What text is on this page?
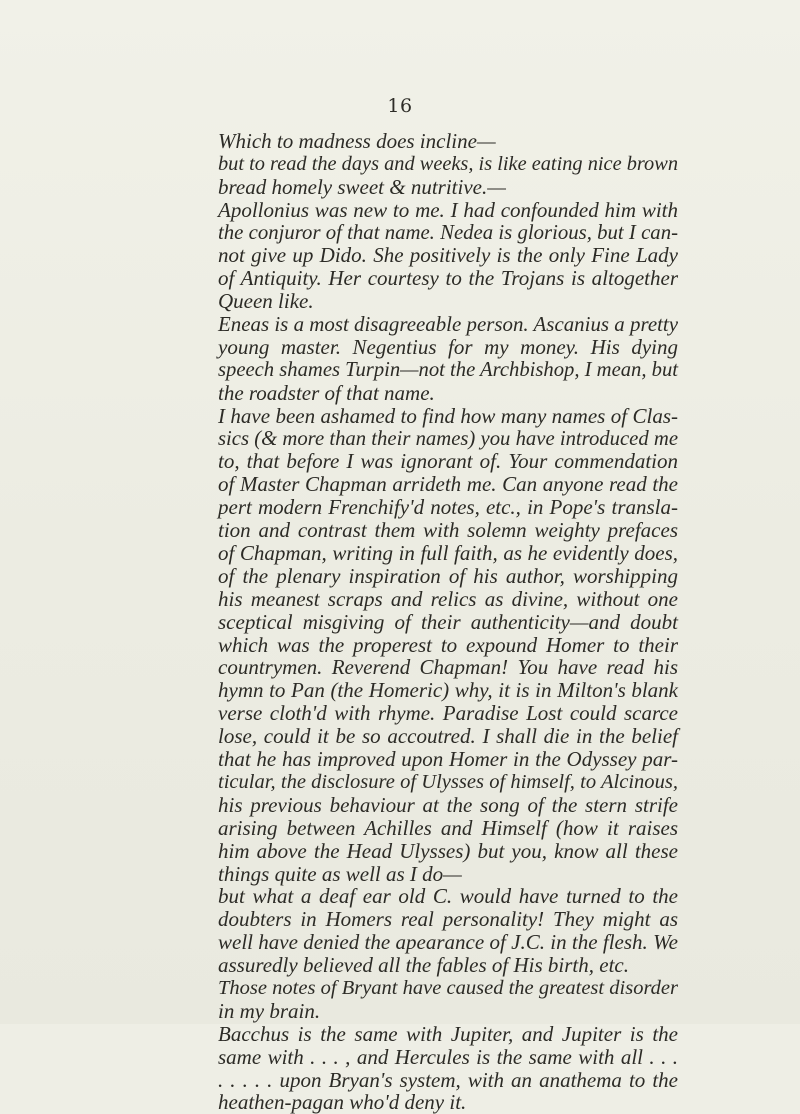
16
Which to madness does incline—
but to read the days and weeks, is like eating nice brown
bread homely sweet & nutritive.—
Apollonius was new to me. I had confounded him with
the conjuror of that name. Nedea is glorious, but I can-
not give up Dido. She positively is the only Fine Lady
of Antiquity. Her courtesy to the Trojans is altogether
Queen like.
Eneas is a most disagreeable person. Ascanius a pretty
young master. Negentius for my money. His dying
speech shames Turpin—not the Archbishop, I mean, but
the roadster of that name.
I have been ashamed to find how many names of Clas-
sics (& more than their names) you have introduced me
to, that before I was ignorant of. Your commendation
of Master Chapman arrideth me. Can anyone read the
pert modern Frenchify'd notes, etc., in Pope's transla-
tion and contrast them with solemn weighty prefaces
of Chapman, writing in full faith, as he evidently does,
of the plenary inspiration of his author, worshipping
his meanest scraps and relics as divine, without one
sceptical misgiving of their authenticity—and doubt
which was the properest to expound Homer to their
countrymen. Reverend Chapman! You have read his
hymn to Pan (the Homeric) why, it is in Milton's blank
verse cloth'd with rhyme. Paradise Lost could scarce
lose, could it be so accoutred. I shall die in the belief
that he has improved upon Homer in the Odyssey par-
ticular, the disclosure of Ulysses of himself, to Alcinous,
his previous behaviour at the song of the stern strife
arising between Achilles and Himself (how it raises
him above the Head Ulysses) but you, know all these
things quite as well as I do—
but what a deaf ear old C. would have turned to the
doubters in Homers real personality! They might as
well have denied the apearance of J.C. in the flesh. We
assuredly believed all the fables of His birth, etc.
Those notes of Bryant have caused the greatest disorder
in my brain.
Bacchus is the same with Jupiter, and Jupiter is the
same with . . . , and Hercules is the same with all . . .
. . . . . upon Bryan's system, with an anathema to the
heathen-pagan who'd deny it.
